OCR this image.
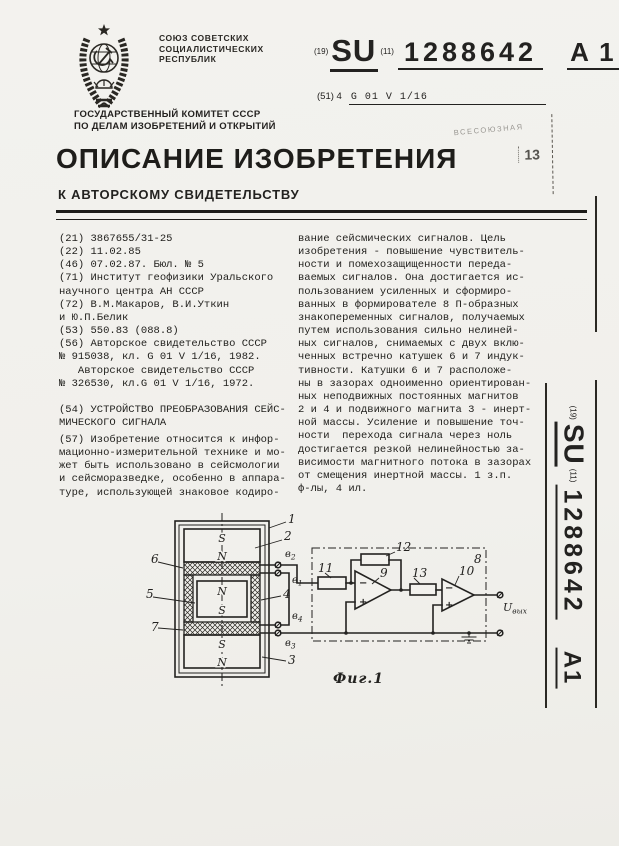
СОЮЗ СОВЕТСКИХ
СОЦИАЛИСТИЧЕСКИХ
РЕСПУБЛИК
(19) SU (11) 1288642 A 1
(51) 4 G 01 V 1/16
ГОСУДАРСТВЕННЫЙ КОМИТЕТ СССР
ПО ДЕЛАМ ИЗОБРЕТЕНИЙ И ОТКРЫТИЙ	ВСЕСОЮЗНАЯ
13
ОПИСАНИЕ ИЗОБРЕТЕНИЯ
К АВТОРСКОМУ СВИДЕТЕЛЬСТВУ
(21) 3867655/31-25
(22) 11.02.85
(46) 07.02.87. Бюл. № 5
(71) Институт геофизики Уральского
научного центра АН СССР
(72) В.М.Макаров, В.И.Уткин
и Ю.П.Белик
(53) 550.83 (088.8)
(56) Авторское свидетельство СССР
№ 915038, кл. G 01 V 1/16, 1982.
Авторское свидетельство СССР
№ 326530, кл.G 01 V 1/16, 1972.
(54) УСТРОЙСТВО ПРЕОБРАЗОВАНИЯ СЕЙС-
МИЧЕСКОГО СИГНАЛА
(57) Изобретение относится к инфор-
мационно-измерительной технике и мо-
жет быть использовано в сейсмологии
и сейсморазведке, особенно в аппара-
туре, использующей знаковое кодиро-
вание сейсмических сигналов. Цель
изобретения - повышение чувствитель-
ности и помехозащищенности переда-
ваемых сигналов. Она достигается ис-
пользованием усиленных и сформиро-
ванных в формирователе 8 П-образных
знакопеременных сигналов, получаемых
путем использования сильно нелиней-
ных сигналов, снимаемых с двух вклю-
ченных встречно катушек 6 и 7 индук-
тивности. Катушки 6 и 7 расположе-
ны в зазорах одноименно ориентирован-
ных неподвижных постоянных магнитов
2 и 4 и подвижного магнита 3 - инерт-
ной массы. Усиление и повышение точ-
ности  перехода сигнала через ноль
достигается резкой нелинейностью за-
висимости магнитного потока в зазорах
от смещения инертной массы. 1 з.п.
ф-лы, 4 ил.
S
N
N
S
S
N
$в_2$
$в_1$
$в_4$
$в_3$
−
+
−
+	$U_{вых}$
1
2
6
5
7
4
3
8
11	9
12
13	10
Фиг.1
(19)
SU
(11)
1288642
A1
